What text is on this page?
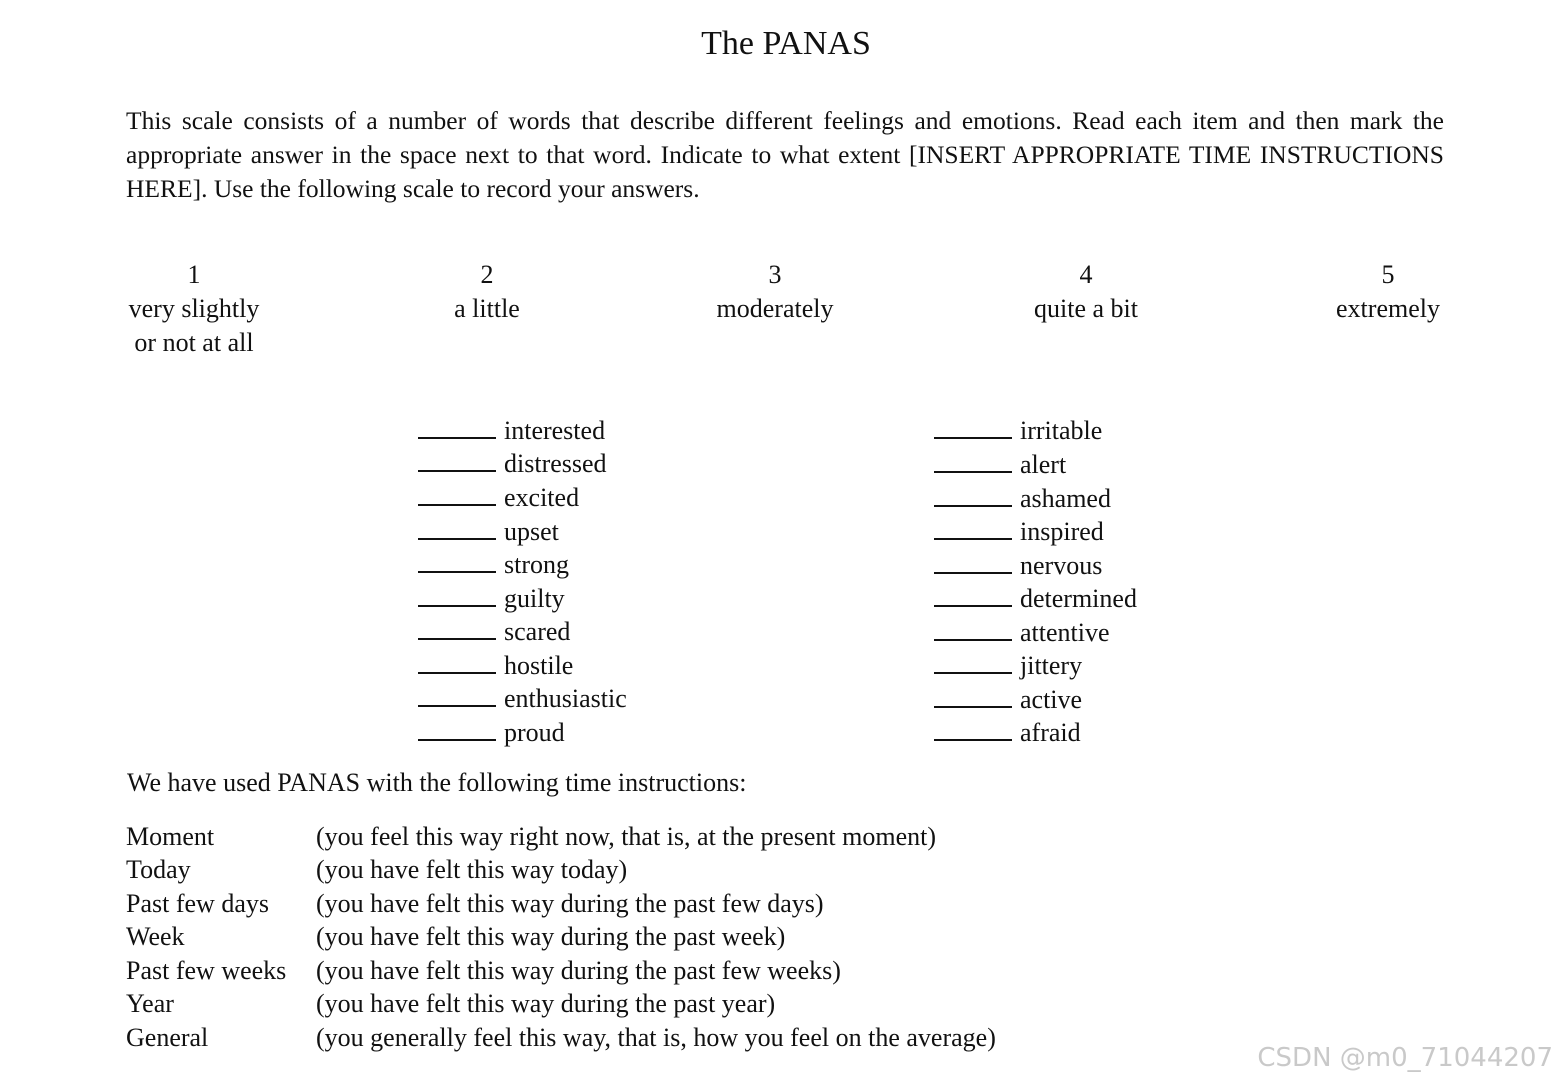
The PANAS

This scale consists of a number of words that describe different feelings and emotions. Read each item and then mark the appropriate answer in the space next to that word. Indicate to what extent [INSERT APPROPRIATE TIME INSTRUCTIONS HERE]. Use the following scale to record your answers.

1
very slightly
or not at all
2
a little
3
moderately
4
quite a bit
5
extremely
interested
distressed
excited
upset
strong
guilty
scared
hostile
enthusiastic
proud
irritable
alert
ashamed
inspired
nervous
determined
attentive
jittery
active
afraid
We have used PANAS with the following time instructions:
Moment	(you feel this way right now, that is, at the present moment)
Today	(you have felt this way today)
Past few days (you have felt this way during the past few days)
Week	(you have felt this way during the past week)
Past few weeks (you have felt this way during the past few weeks)
Year	(you have felt this way during the past year)
General	(you generally feel this way, that is, how you feel on the average)
CSDN @m0_71044207
